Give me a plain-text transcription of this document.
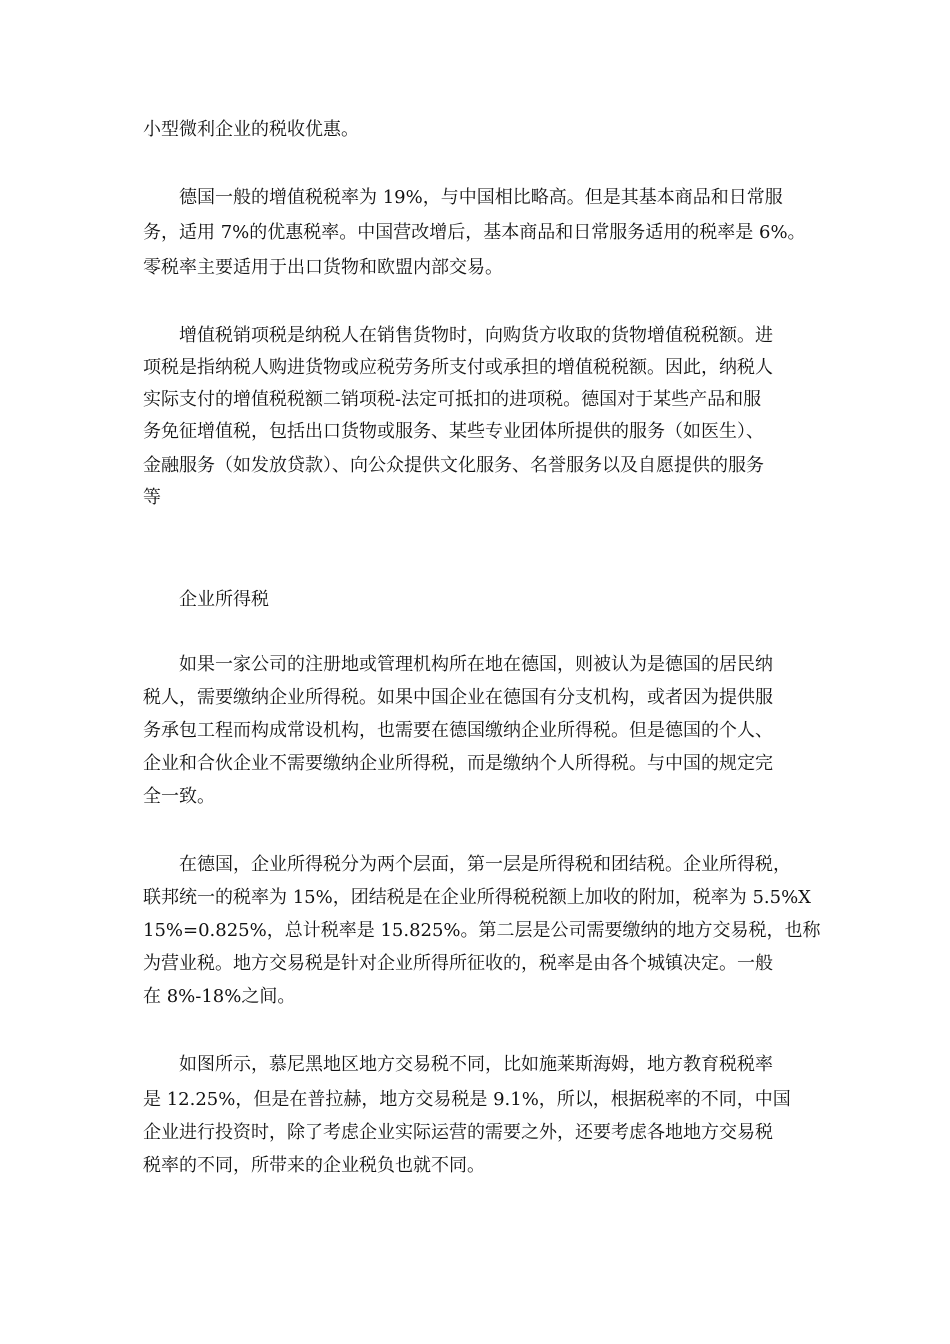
小型微利企业的税收优惠。

德国一般的增值税税率为 19%，与中国相比略高。但是其基本商品和日常服

务，适用 7%的优惠税率。中国营改增后，基本商品和日常服务适用的税率是 6%。

零税率主要适用于出口货物和欧盟内部交易。

增值税销项税是纳税人在销售货物时，向购货方收取的货物增值税税额。进

项税是指纳税人购进货物或应税劳务所支付或承担的增值税税额。因此，纳税人

实际支付的增值税税额二销项税-法定可抵扣的进项税。德国对于某些产品和服

务免征增值税，包括出口货物或服务、某些专业团体所提供的服务（如医生）、

金融服务（如发放贷款）、向公众提供文化服务、名誉服务以及自愿提供的服务

等

企业所得税

如果一家公司的注册地或管理机构所在地在德国，则被认为是德国的居民纳

税人，需要缴纳企业所得税。如果中国企业在德国有分支机构，或者因为提供服

务承包工程而构成常设机构，也需要在德国缴纳企业所得税。但是德国的个人、

企业和合伙企业不需要缴纳企业所得税，而是缴纳个人所得税。与中国的规定完

全一致。

在德国，企业所得税分为两个层面，第一层是所得税和团结税。企业所得税，

联邦统一的税率为 15%，团结税是在企业所得税税额上加收的附加，税率为 5.5%X

15%=0.825%，总计税率是 15.825%。第二层是公司需要缴纳的地方交易税，也称

为营业税。地方交易税是针对企业所得所征收的，税率是由各个城镇决定。一般

在 8%-18%之间。

如图所示，慕尼黑地区地方交易税不同，比如施莱斯海姆，地方教育税税率

是 12.25%，但是在普拉赫，地方交易税是 9.1%，所以，根据税率的不同，中国

企业进行投资时，除了考虑企业实际运营的需要之外，还要考虑各地地方交易税

税率的不同，所带来的企业税负也就不同。
